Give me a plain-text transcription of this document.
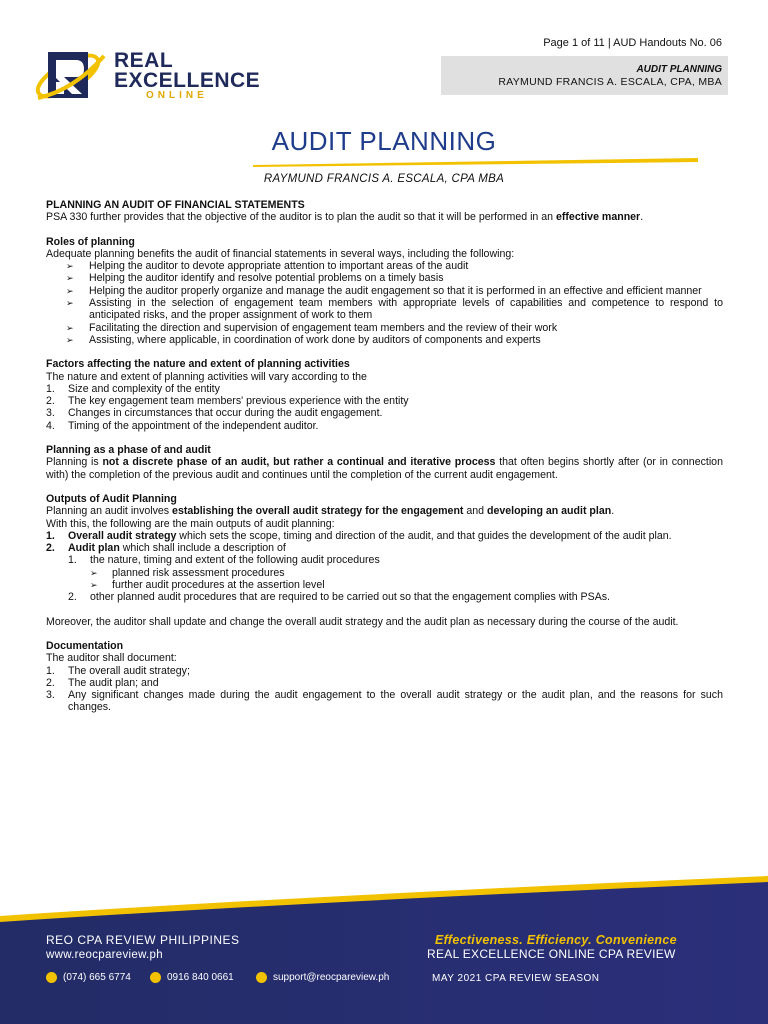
REAL
EXCELLENCE
ONLINE
Page 1 of 11 | AUD Handouts No. 06
AUDIT PLANNING
RAYMUND FRANCIS A. ESCALA, CPA, MBA
AUDIT PLANNING
RAYMUND FRANCIS A. ESCALA, CPA MBA
PLANNING AN AUDIT OF FINANCIAL STATEMENTS

PSA 330 further provides that the objective of the auditor is to plan the audit so that it will be performed in an effective manner.

Roles of planning

Adequate planning benefits the audit of financial statements in several ways, including the following:

➢	Helping the auditor to devote appropriate attention to important areas of the audit
➢	Helping the auditor identify and resolve potential problems on a timely basis
➢	Helping the auditor properly organize and manage the audit engagement so that it is performed in an effective and efficient manner
➢	Assisting in the selection of engagement team members with appropriate levels of capabilities and competence to respond to anticipated risks, and the proper assignment of work to them
➢	Facilitating the direction and supervision of engagement team members and the review of their work
➢	Assisting, where applicable, in coordination of work done by auditors of components and experts
Factors affecting the nature and extent of planning activities

The nature and extent of planning activities will vary according to the

1.	Size and complexity of the entity
2.	The key engagement team members' previous experience with the entity
3.	Changes in circumstances that occur during the audit engagement.
4.	Timing of the appointment of the independent auditor.
Planning as a phase of and audit

Planning is not a discrete phase of an audit, but rather a continual and iterative process that often begins shortly after (or in connection with) the completion of the previous audit and continues until the completion of the current audit engagement.

Outputs of Audit Planning

Planning an audit involves establishing the overall audit strategy for the engagement and developing an audit plan.

With this, the following are the main outputs of audit planning:

1.	Overall audit strategy which sets the scope, timing and direction of the audit, and that guides the development of the audit plan.
2.	Audit plan which shall include a description of
1.	the nature, timing and extent of the following audit procedures
➢	planned risk assessment procedures
➢	further audit procedures at the assertion level
2.	other planned audit procedures that are required to be carried out so that the engagement complies with PSAs.

Moreover, the auditor shall update and change the overall audit strategy and the audit plan as necessary during the course of the audit.

Documentation

The auditor shall document:

1.	The overall audit strategy;
2.	The audit plan; and
3.	Any significant changes made during the audit engagement to the overall audit strategy or the audit plan, and the reasons for such changes.
REO CPA REVIEW PHILIPPINES
www.reocpareview.ph
Effectiveness. Efficiency. Convenience
REAL EXCELLENCE ONLINE CPA REVIEW
MAY 2021 CPA REVIEW SEASON
(074) 665 6774	0916 840 0661	support@reocpareview.ph
